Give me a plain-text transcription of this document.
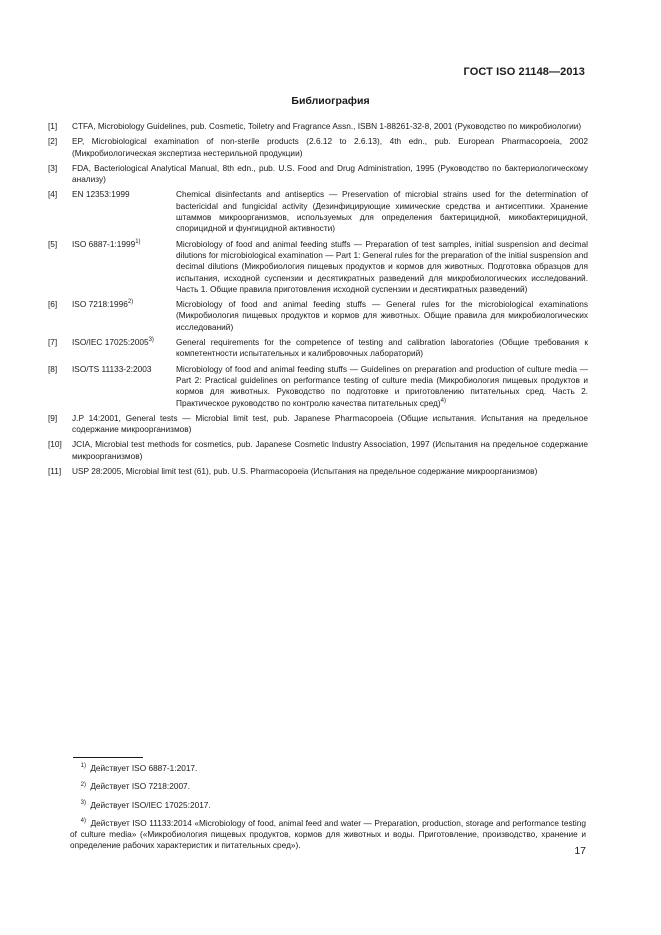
ГОСТ ISO 21148—2013
Библиография
[1]	CTFA, Microbiology Guidelines, pub. Cosmetic, Toiletry and Fragrance Assn., ISBN 1-88261-32-8, 2001 (Руководство по микробиологии)
[2]	EP, Microbiological examination of non-sterile products (2.6.12 to 2.6.13), 4th edn., pub. European Pharmacopoeia, 2002 (Микробиологическая экспертиза нестерильной продукции)
[3]	FDA, Bacteriological Analytical Manual, 8th edn., pub. U.S. Food and Drug Administration, 1995 (Руководство по бактериологическому анализу)
[4]	EN 12353:1999	Chemical disinfectants and antiseptics — Preservation of microbial strains used for the determination of bactericidal and fungicidal activity (Дезинфицирующие химические средства и антисептики. Хранение штаммов микроорганизмов, используемых для определения бактерицидной, микобактерицидной, спорицидной и фунгицидной активности)
[5]	ISO 6887-1:1999$^{1)}$	Microbiology of food and animal feeding stuffs — Preparation of test samples, initial suspension and decimal dilutions for microbiological examination — Part 1: General rules for the preparation of the initial suspension and decimal dilutions (Микробиология пищевых продуктов и кормов для животных. Подготовка образцов для испытания, исходной суспензии и десятикратных разведений для микробиологических исследований. Часть 1. Общие правила приготовления исходной суспензии и десятикратных разведений)
[6]	ISO 7218:1996$^{2)}$	Microbiology of food and animal feeding stuffs — General rules for the microbiological examinations (Микробиология пищевых продуктов и кормов для животных. Общие правила для микробиологических исследований)
[7]	ISO/IEC 17025:2005$^{3)}$	General requirements for the competence of testing and calibration laboratories (Общие требования к компетентности испытательных и калибровочных лабораторий)
[8]	ISO/TS 11133-2:2003	Microbiology of food and animal feeding stuffs — Guidelines on preparation and production of culture media — Part 2: Practical guidelines on performance testing of culture media (Микробиология пищевых продуктов и кормов для животных. Руководство по подготовке и приготовлению питательных сред. Часть 2. Практическое руководство по контролю качества питательных сред)$^{4)}$
[9]	J.P 14:2001, General tests — Microbial limit test, pub. Japanese Pharmacopoeia (Общие испытания. Испытания на предельное содержание микроорганизмов)
[10]	JCIA, Microbial test methods for cosmetics, pub. Japanese Cosmetic Industry Association, 1997 (Испытания на предельное содержание микроорганизмов)
[11]	USP 28:2005, Microbial limit test (61), pub. U.S. Pharmacopoeia (Испытания на предельное содержание микроорганизмов)
$^{1)}$ Действует ISO 6887-1:2017.
$^{2)}$ Действует ISO 7218:2007.
$^{3)}$ Действует ISO/IEC 17025:2017.
$^{4)}$ Действует ISO 11133:2014 «Microbiology of food, animal feed and water — Preparation, production, storage and performance testing of culture media» («Микробиология пищевых продуктов, кормов для животных и воды. Приготовление, производство, хранение и определение рабочих характеристик и питательных сред»).	17
